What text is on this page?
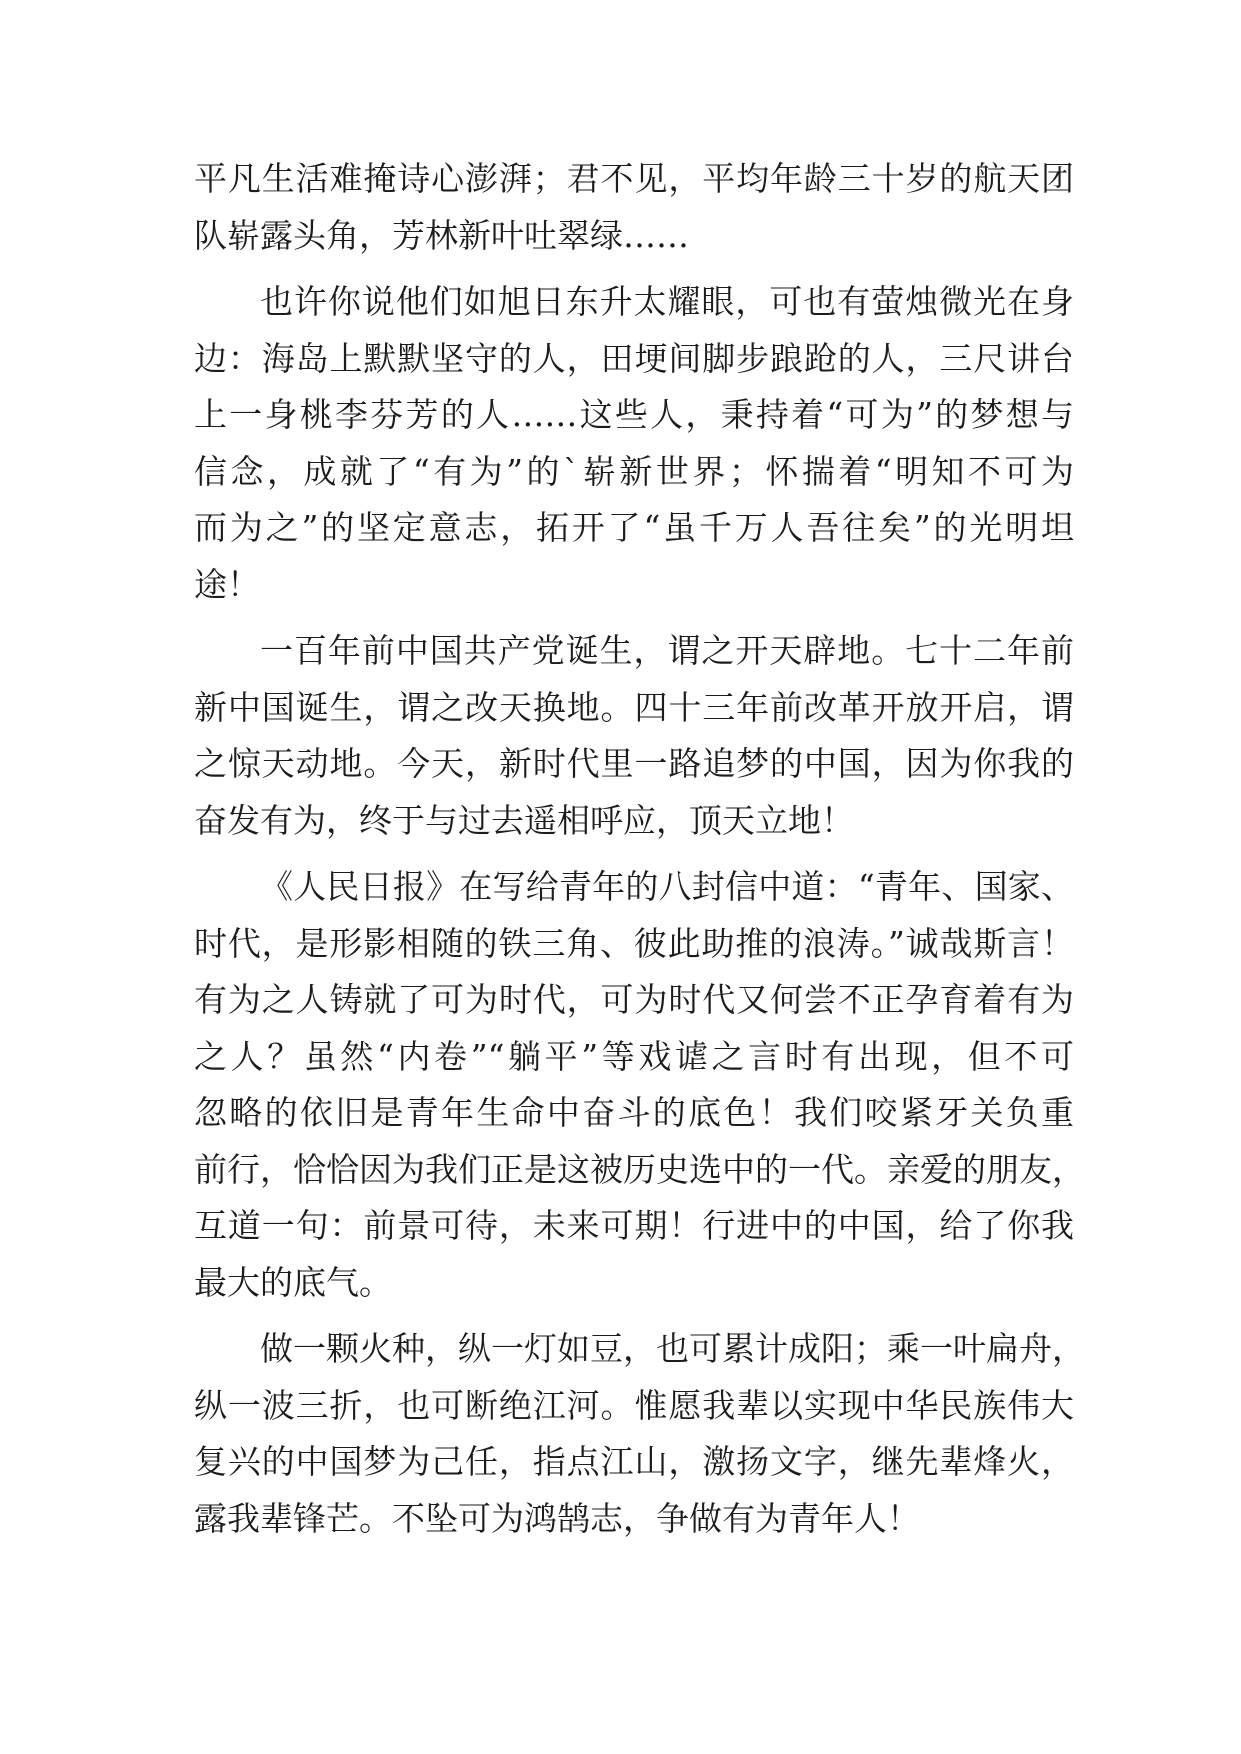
平凡生活难掩诗心澎湃；君不见，平均年龄三十岁的航天团
队崭露头角，芳林新叶吐翠绿……
也许你说他们如旭日东升太耀眼，可也有萤烛微光在身
边：海岛上默默坚守的人，田埂间脚步踉跄的人，三尺讲台
上一身桃李芬芳的人……这些人，秉持着“可为”的梦想与
信念，成就了“有为”的`崭新世界；怀揣着“明知不可为
而为之”的坚定意志，拓开了“虽千万人吾往矣”的光明坦
途！
一百年前中国共产党诞生，谓之开天辟地。七十二年前
新中国诞生，谓之改天换地。四十三年前改革开放开启，谓
之惊天动地。今天，新时代里一路追梦的中国，因为你我的
奋发有为，终于与过去遥相呼应，顶天立地！
《人民日报》在写给青年的八封信中道：“青年、国家、
时代，是形影相随的铁三角、彼此助推的浪涛。”诚哉斯言！
有为之人铸就了可为时代，可为时代又何尝不正孕育着有为
之人？虽然“内卷”“躺平”等戏谑之言时有出现，但不可
忽略的依旧是青年生命中奋斗的底色！我们咬紧牙关负重
前行，恰恰因为我们正是这被历史选中的一代。亲爱的朋友，
互道一句：前景可待，未来可期！行进中的中国，给了你我
最大的底气。
做一颗火种，纵一灯如豆，也可累计成阳；乘一叶扁舟，
纵一波三折，也可断绝江河。惟愿我辈以实现中华民族伟大
复兴的中国梦为己任，指点江山，激扬文字，继先辈烽火，
露我辈锋芒。不坠可为鸿鹄志，争做有为青年人！
